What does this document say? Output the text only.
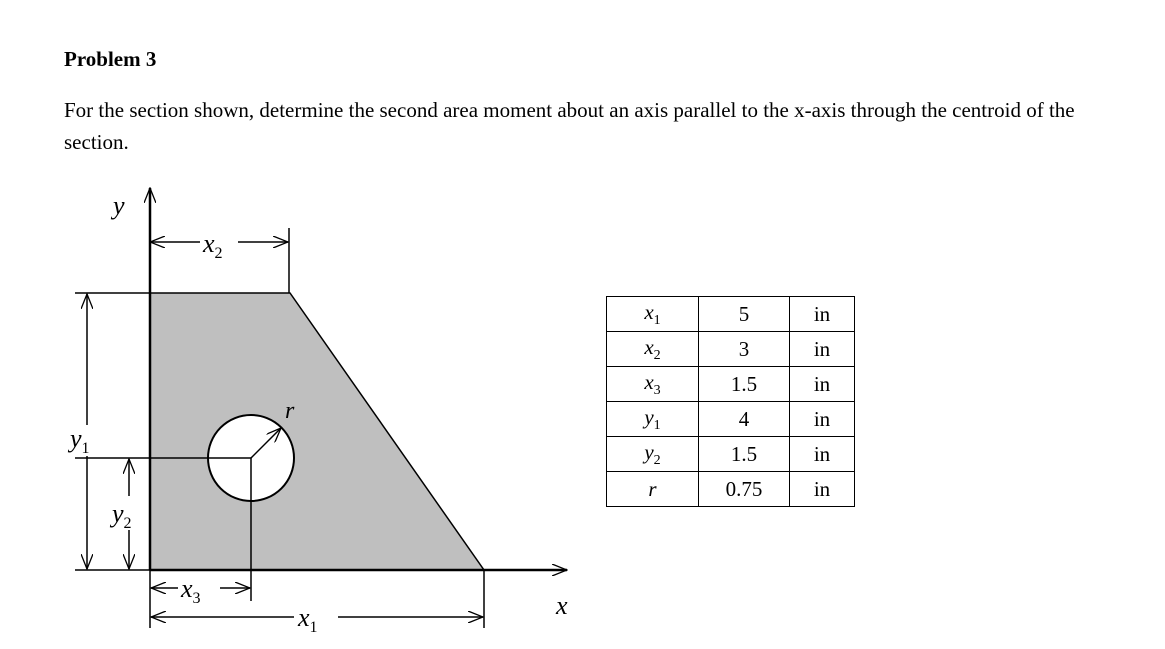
Problem 3
For the section shown, determine the second area moment about an axis parallel to the x-axis through the centroid of the section.
y
x
$x_2$
$y_1$
$y_2$
$x_3$
$x_1$
r
$x_1$	5	in
$x_2$	3	in
$x_3$	1.5	in
$y_1$	4	in
$y_2$	1.5	in
r	0.75	in
